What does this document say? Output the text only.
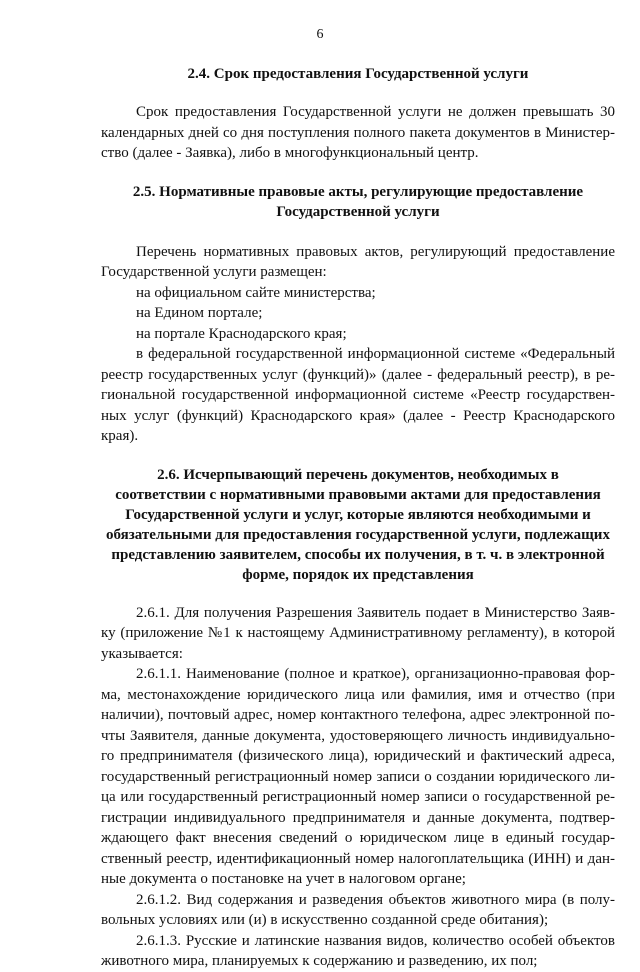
6
2.4. Срок предоставления Государственной услуги
Срок предоставления Государственной услуги не должен превышать 30
календарных дней со дня поступления полного пакета документов в Министер-
ство (далее - Заявка), либо в многофункциональный центр.
2.5. Нормативные правовые акты, регулирующие предоставление
Государственной услуги
Перечень нормативных правовых актов, регулирующий предоставление
Государственной услуги размещен:
на официальном сайте министерства;
на Едином портале;
на портале Краснодарского края;
в федеральной государственной информационной системе «Федеральный
реестр государственных услуг (функций)» (далее - федеральный реестр), в ре-
гиональной государственной информационной системе «Реестр государствен-
ных услуг (функций) Краснодарского края» (далее - Реестр Краснодарского
края).
2.6. Исчерпывающий перечень документов, необходимых в
соответствии с нормативными правовыми актами для предоставления
Государственной услуги и услуг, которые являются необходимыми и
обязательными для предоставления государственной услуги, подлежащих
представлению заявителем, способы их получения, в т. ч. в электронной
форме, порядок их представления
2.6.1. Для получения Разрешения Заявитель подает в Министерство Заяв-
ку (приложение №1 к настоящему Административному регламенту), в которой
указывается:
2.6.1.1. Наименование (полное и краткое), организационно-правовая фор-
ма, местонахождение юридического лица или фамилия, имя и отчество (при
наличии), почтовый адрес, номер контактного телефона, адрес электронной по-
чты Заявителя, данные документа, удостоверяющего личность индивидуально-
го предпринимателя (физического лица), юридический и фактический адреса,
государственный регистрационный номер записи о создании юридического ли-
ца или государственный регистрационный номер записи о государственной ре-
гистрации индивидуального предпринимателя и данные документа, подтвер-
ждающего факт внесения сведений о юридическом лице в единый государ-
ственный реестр, идентификационный номер налогоплательщика (ИНН) и дан-
ные документа о постановке на учет в налоговом органе;
2.6.1.2. Вид содержания и разведения объектов животного мира (в полу-
вольных условиях или (и) в искусственно созданной среде обитания);
2.6.1.3. Русские и латинские названия видов, количество особей объектов
животного мира, планируемых к содержанию и разведению, их пол;
